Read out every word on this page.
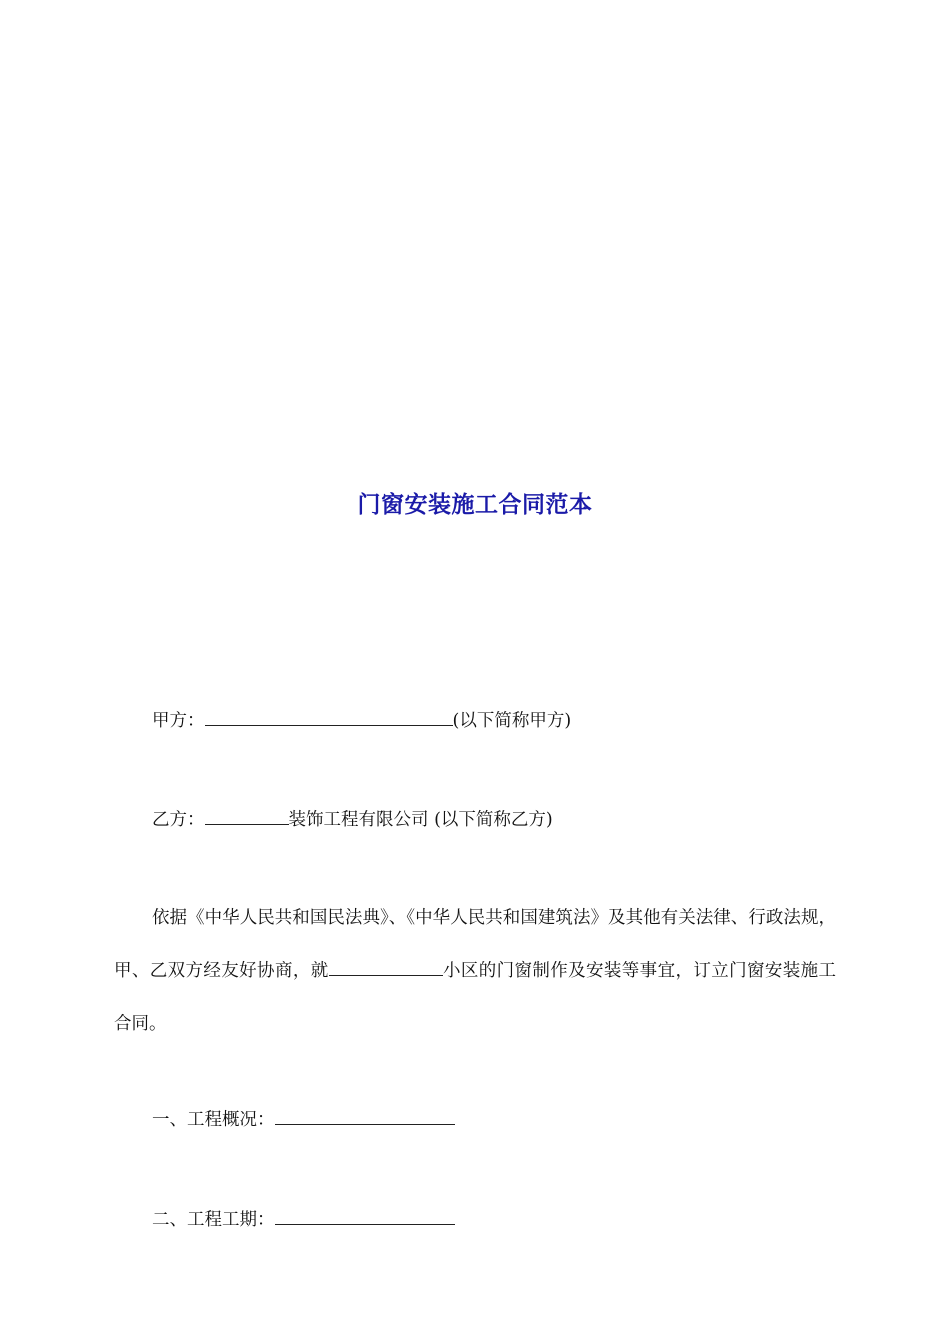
门窗安装施工合同范本
甲方：	(以下简称甲方)
乙方：	装饰工程有限公司 (以下简称乙方)
依据《中华人民共和国民法典》、《中华人民共和国建筑法》及其他有关法律、行政法规，甲、乙双方经友好协商，就	小区的门窗制作及安装等事宜，订立门窗安装施工合同。
一、工程概况：
二、工程工期：
